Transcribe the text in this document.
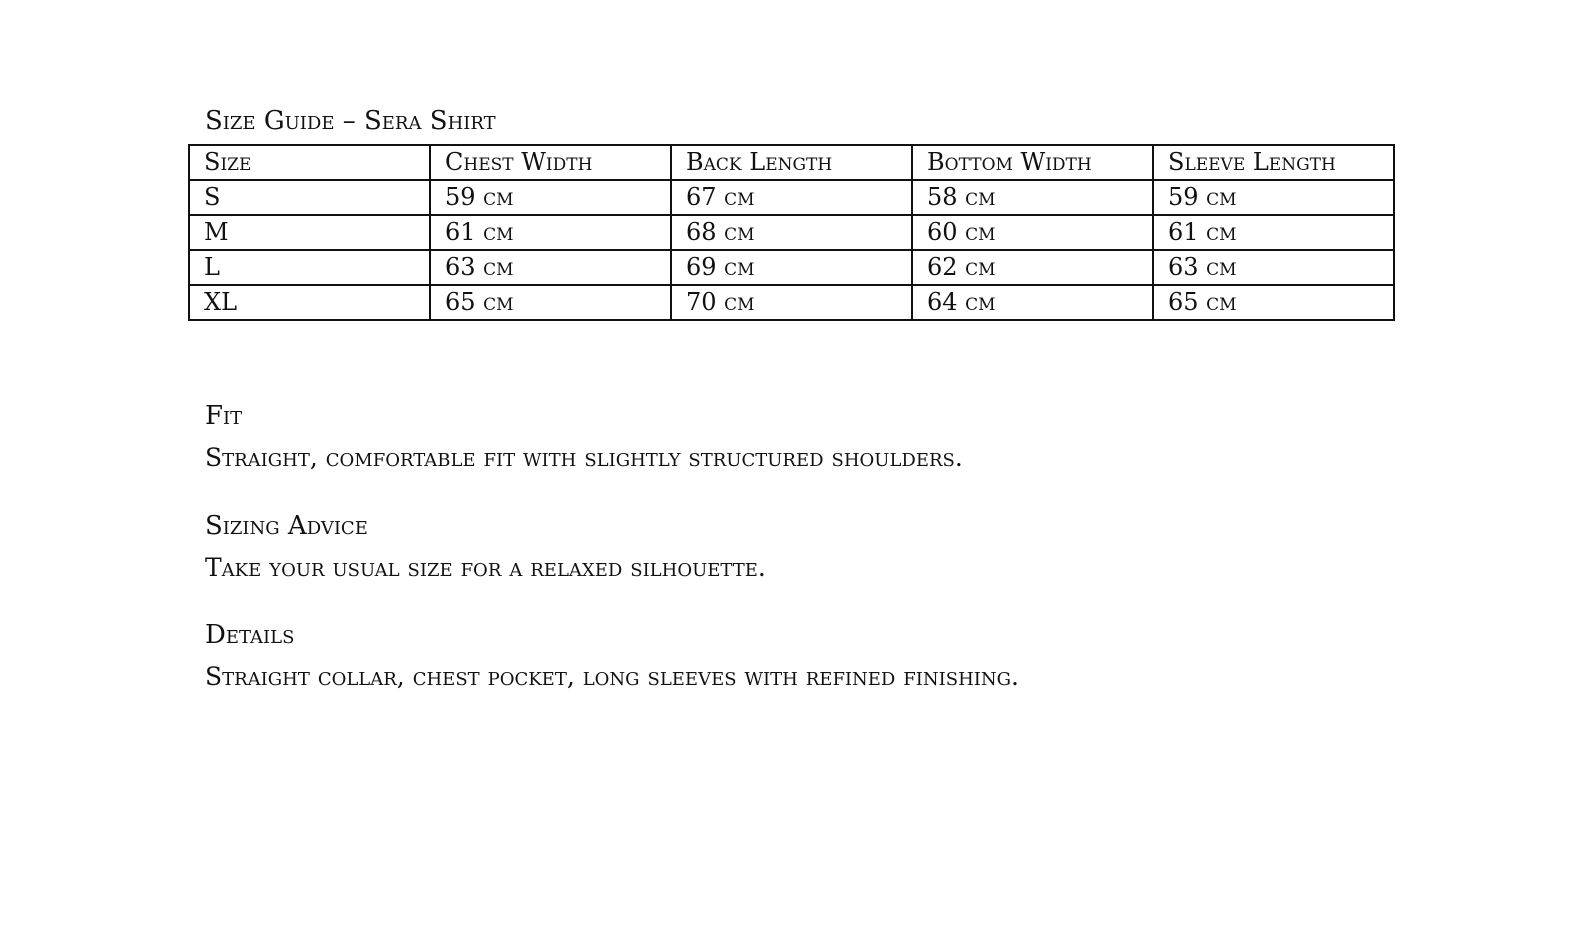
Size Guide – Sera Shirt
Size	Chest Width	Back Length	Bottom Width	Sleeve Length
S	59 cm	67 cm	58 cm	59 cm
M	61 cm	68 cm	60 cm	61 cm
L	63 cm	69 cm	62 cm	63 cm
XL	65 cm	70 cm	64 cm	65 cm
Fit
Straight, comfortable fit with slightly structured shoulders.
Sizing Advice
Take your usual size for a relaxed silhouette.
Details
Straight collar, chest pocket, long sleeves with refined finishing.
